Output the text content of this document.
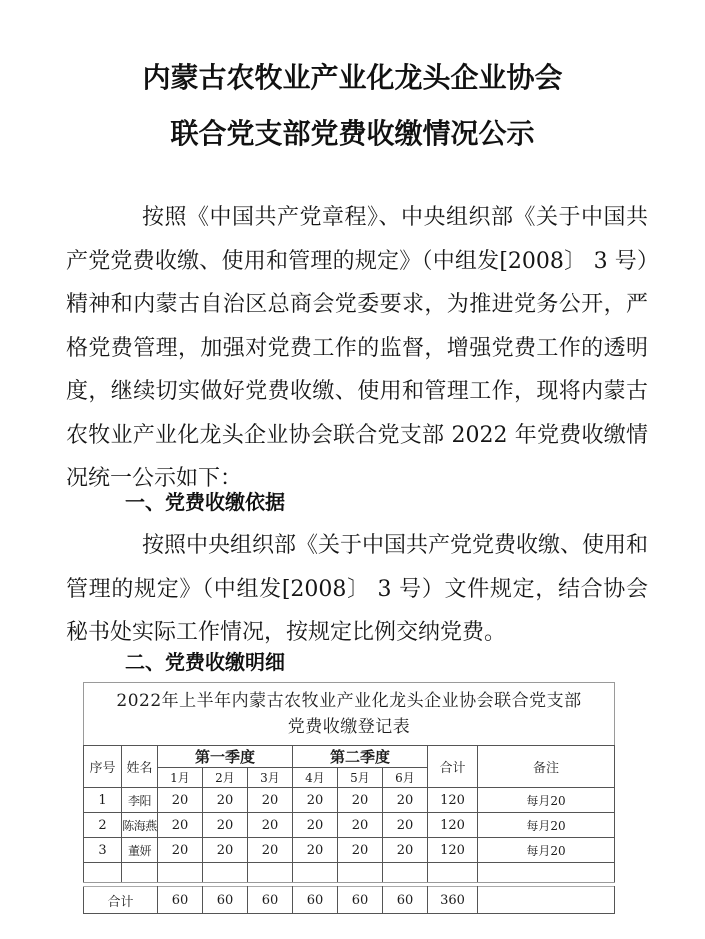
内蒙古农牧业产业化龙头企业协会
联合党支部党费收缴情况公示

按照《中国共产党章程》、中央组织部《关于中国共产党党费收缴、使用和管理的规定》（中组发[2008〕 3 号）精神和内蒙古自治区总商会党委要求，为推进党务公开，严格党费管理，加强对党费工作的监督，增强党费工作的透明度，继续切实做好党费收缴、使用和管理工作，现将内蒙古农牧业产业化龙头企业协会联合党支部 2022 年党费收缴情况统一公示如下：

一、党费收缴依据

按照中央组织部《关于中国共产党党费收缴、使用和管理的规定》（中组发[2008〕 3 号）文件规定，结合协会秘书处实际工作情况，按规定比例交纳党费。

二、党费收缴明细
2022年上半年内蒙古农牧业产业化龙头企业协会联合党支部
党费收缴登记表									

序号	姓名	第一季度			第二季度			合计	备注
		1月	2月	3月	4月	5月	6月		
1	李阳	20	20	20	20	20	20	120	每月20
2	陈海燕	20	20	20	20	20	20	120	每月20
3	董妍	20	20	20	20	20	20	120	每月20

合计	60	60	60	60	60	60	360	
